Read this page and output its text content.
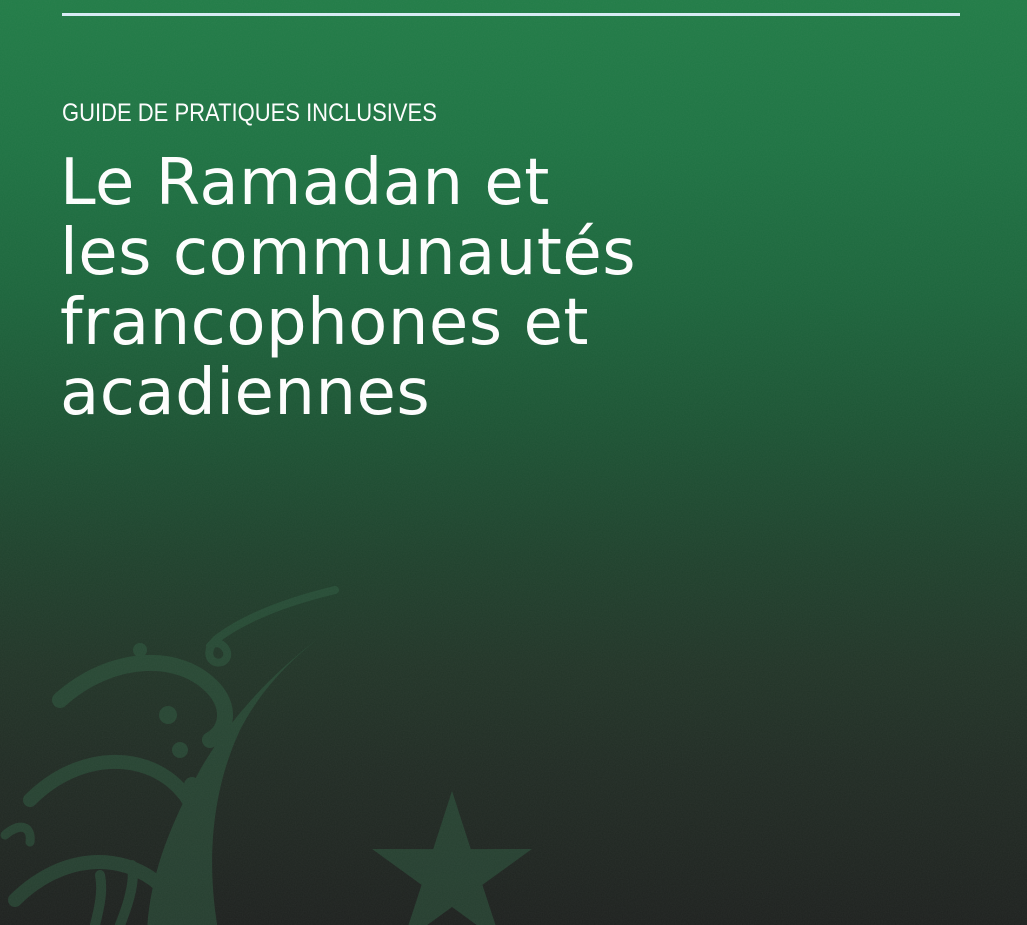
GUIDE DE PRATIQUES INCLUSIVES
Le Ramadan et
les communautés
francophones et
acadiennes
